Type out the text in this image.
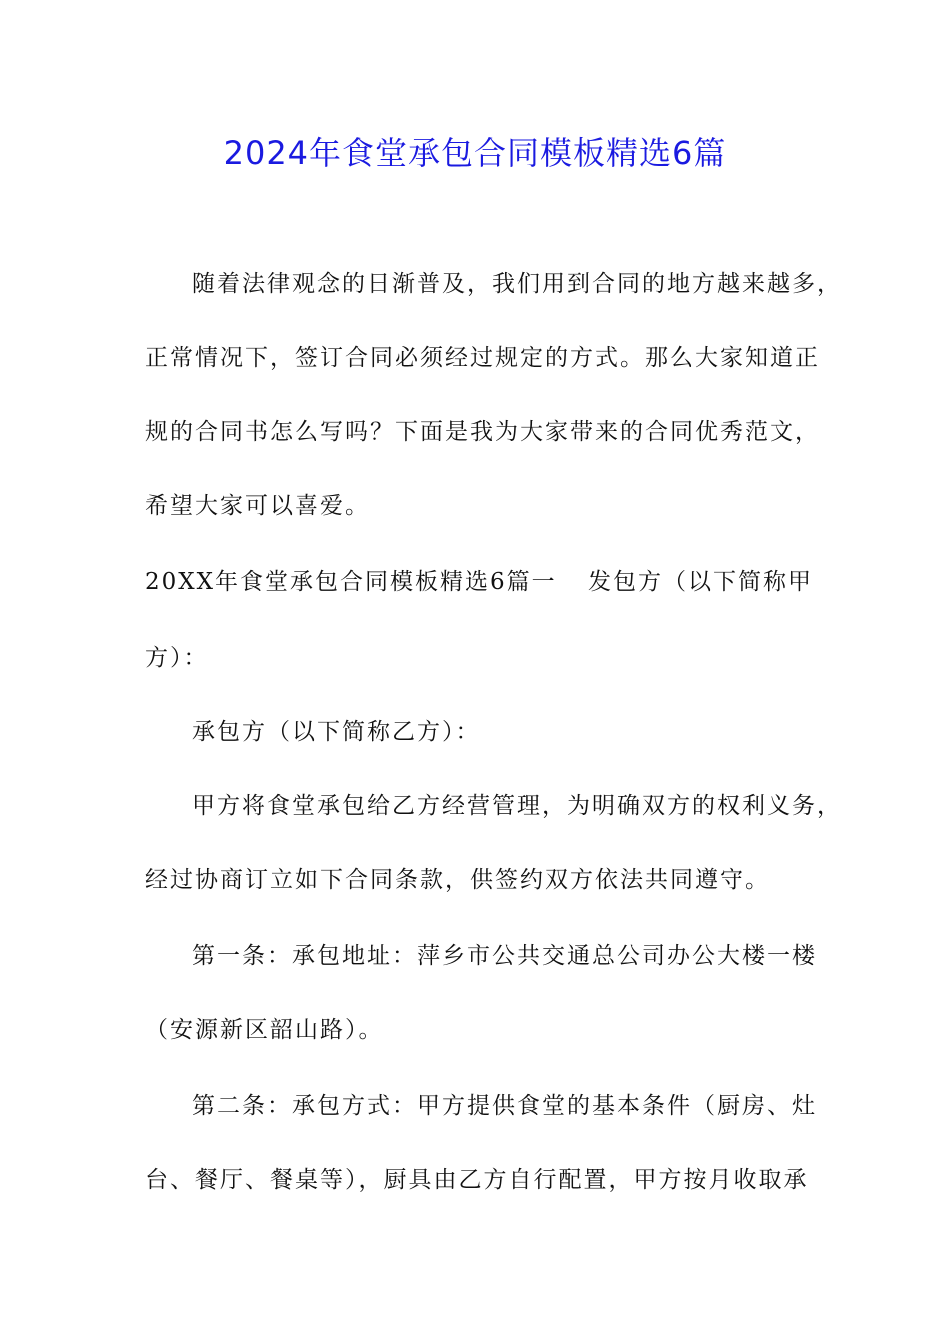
2024年食堂承包合同模板精选6篇

随着法律观念的日渐普及，我们用到合同的地方越来越多，

正常情况下，签订合同必须经过规定的方式。那么大家知道正

规的合同书怎么写吗？下面是我为大家带来的合同优秀范文，

希望大家可以喜爱。

20XX年食堂承包合同模板精选6篇一 发包方（以下简称甲

方）：

承包方（以下简称乙方）：

甲方将食堂承包给乙方经营管理，为明确双方的权利义务，

经过协商订立如下合同条款，供签约双方依法共同遵守。

第一条：承包地址：萍乡市公共交通总公司办公大楼一楼

（安源新区韶山路）。

第二条：承包方式：甲方提供食堂的基本条件（厨房、灶

台、餐厅、餐桌等），厨具由乙方自行配置，甲方按月收取承
